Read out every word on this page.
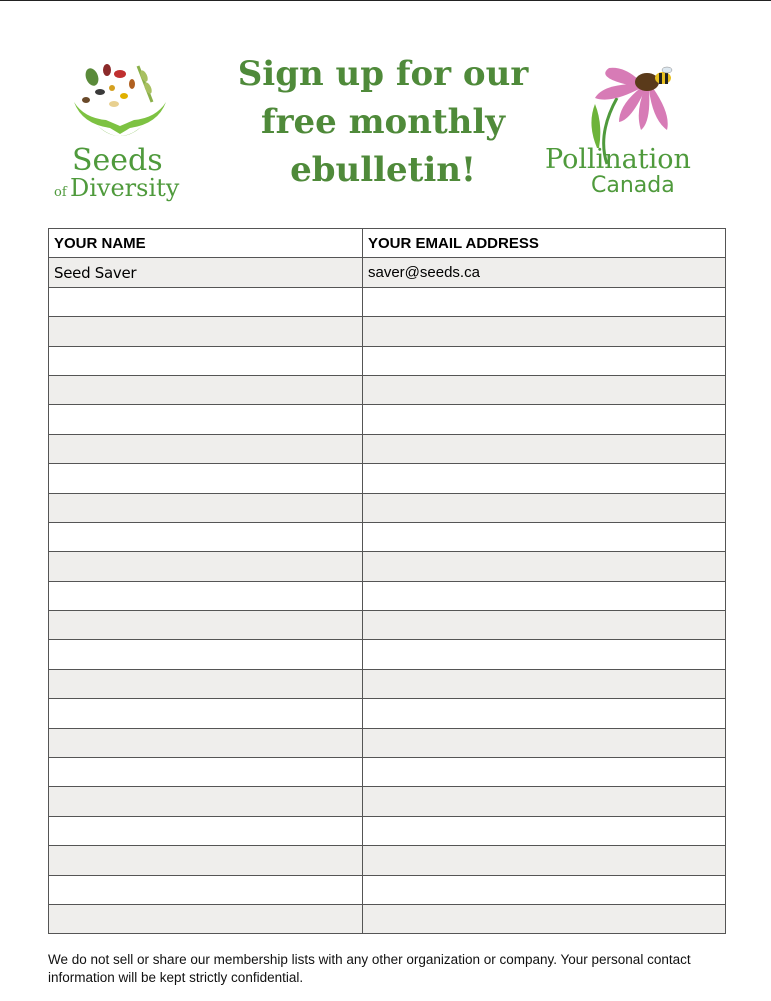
Seeds
of Diversity
Sign up for our
free monthly
ebulletin!	Pollination
Canada
YOUR NAME	YOUR EMAIL ADDRESS
Seed Saver	saver@seeds.ca

We do not sell or share our membership lists with any other organization or company. Your personal contact information will be kept strictly confidential.
